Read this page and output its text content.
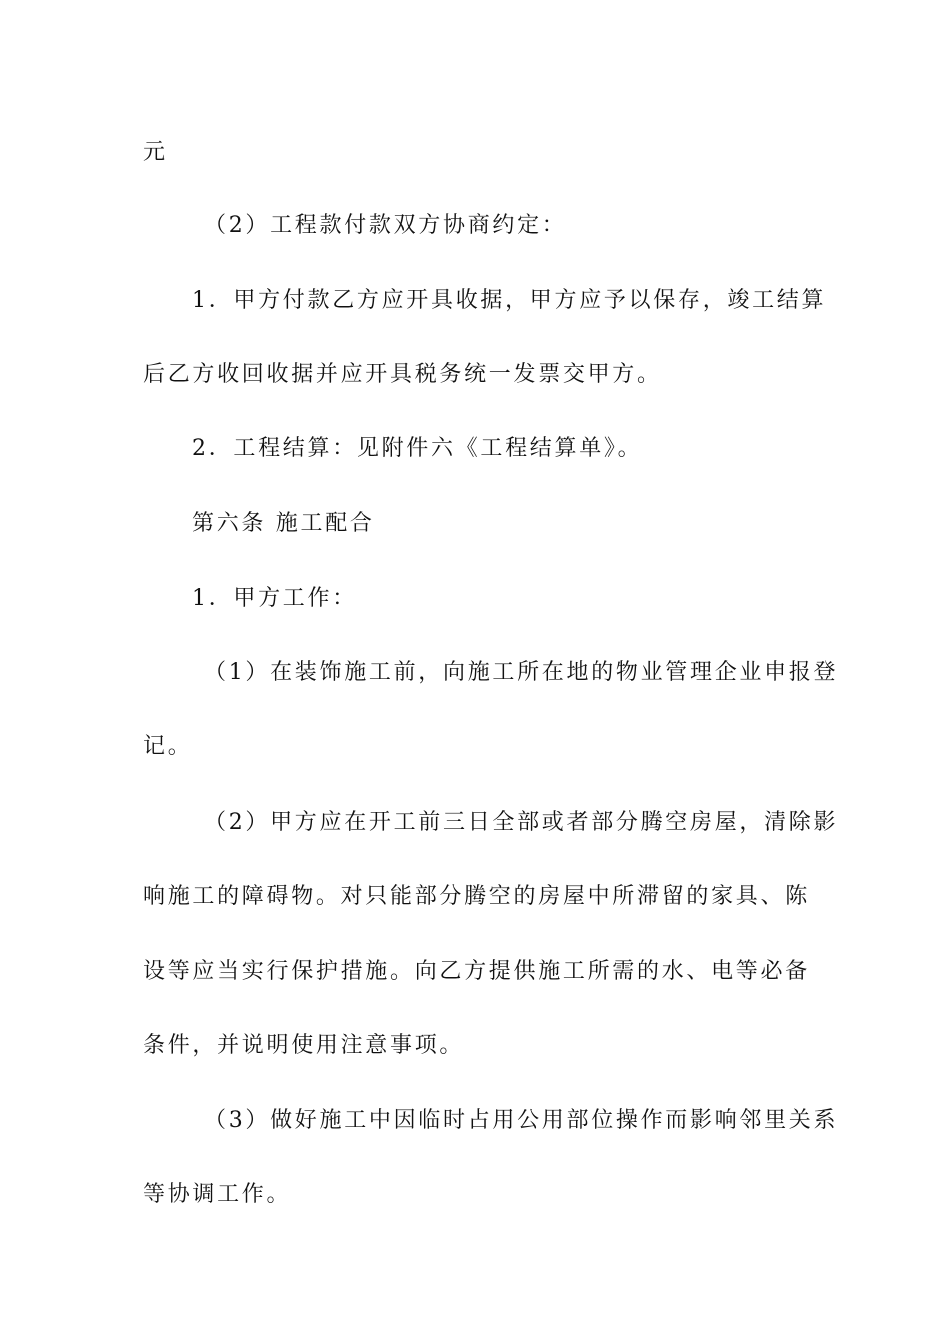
元
（2）工程款付款双方协商约定：
1．甲方付款乙方应开具收据，甲方应予以保存，竣工结算
后乙方收回收据并应开具税务统一发票交甲方。
2．工程结算：见附件六《工程结算单》。
第六条 施工配合
1．甲方工作：
（1）在装饰施工前，向施工所在地的物业管理企业申报登
记。
（2）甲方应在开工前三日全部或者部分腾空房屋，清除影
响施工的障碍物。对只能部分腾空的房屋中所滞留的家具、陈
设等应当实行保护措施。向乙方提供施工所需的水、电等必备
条件，并说明使用注意事项。
（3）做好施工中因临时占用公用部位操作而影响邻里关系
等协调工作。
